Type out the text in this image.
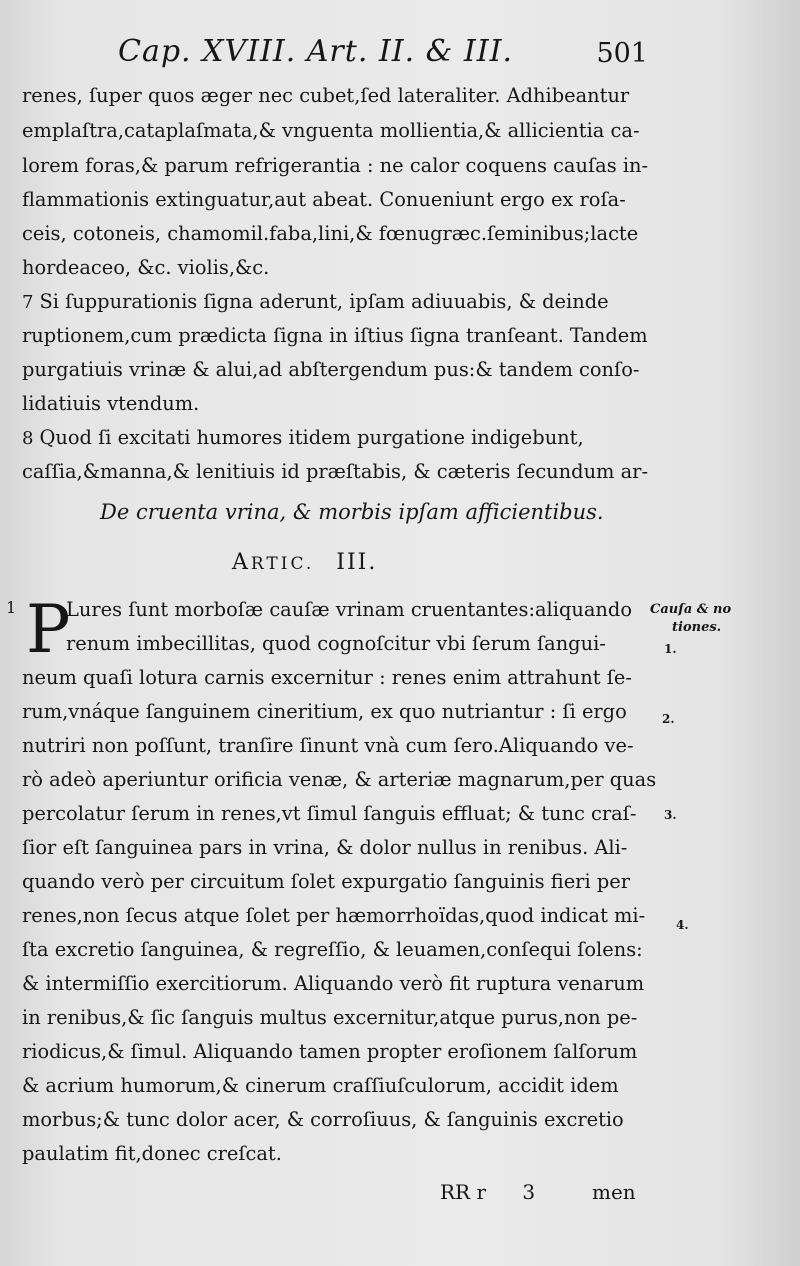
Cap. XVIII. Art. II. & III.	501
renes, ſuper quos æger nec cubet,ſed lateraliter. Adhibeantur
emplaſtra,cataplaſmata,& vnguenta mollientia,& allicientia ca-
lorem foras,& parum refrigerantia : ne calor coquens cauſas in-
flammationis extinguatur,aut abeat. Conueniunt ergo ex roſa-
ceis, cotoneis, chamomil.faba,lini,& fœnugræc.ſeminibus;lacte
hordeaceo, &c. violis,&c.
7 Si ſuppurationis ſigna aderunt, ipſam adiuuabis, & deinde
ruptionem,cum prædicta ſigna in iſtius ſigna tranſeant. Tandem
purgatiuis vrinæ & alui,ad abſtergendum pus:& tandem conſo-
lidatiuis vtendum.
8 Quod ſi excitati humores itidem purgatione indigebunt,
caſſia,&manna,& lenitiuis id præſtabis, & cæteris ſecundum ar-
De cruenta vrina, & morbis ipſam afficientibus.
ARTIC. III.
1 P
Lures ſunt morboſæ cauſæ vrinam cruentantes:aliquando
renum imbecillitas, quod cognoſcitur vbi ſerum ſangui-
neum quaſi lotura carnis excernitur : renes enim attrahunt ſe-
rum,vnáque ſanguinem cineritium, ex quo nutriantur : ſi ergo
nutriri non poſſunt, tranſire ſinunt vnà cum ſero.Aliquando ve-
rò adeò aperiuntur orificia venæ, & arteriæ magnarum,per quas
percolatur ſerum in renes,vt ſimul ſanguis effluat; & tunc craſ-
ſior eſt ſanguinea pars in vrina, & dolor nullus in renibus. Ali-
quando verò per circuitum ſolet expurgatio ſanguinis fieri per
renes,non ſecus atque ſolet per hæmorrhoïdas,quod indicat mi-
ſta excretio ſanguinea, & regreſſio, & leuamen,conſequi ſolens:
& intermiſſio exercitiorum. Aliquando verò fit ruptura venarum
in renibus,& ſic ſanguis multus excernitur,atque purus,non pe-
riodicus,& ſimul. Aliquando tamen propter eroſionem ſalſorum
& acrium humorum,& cinerum craſſiuſculorum, accidit idem
morbus;& tunc dolor acer, & corroſiuus, & ſanguinis excretio
paulatim fit,donec creſcat.
Cauſa & no
tiones.
1.
2.
3.
4.
RR r 3	men
